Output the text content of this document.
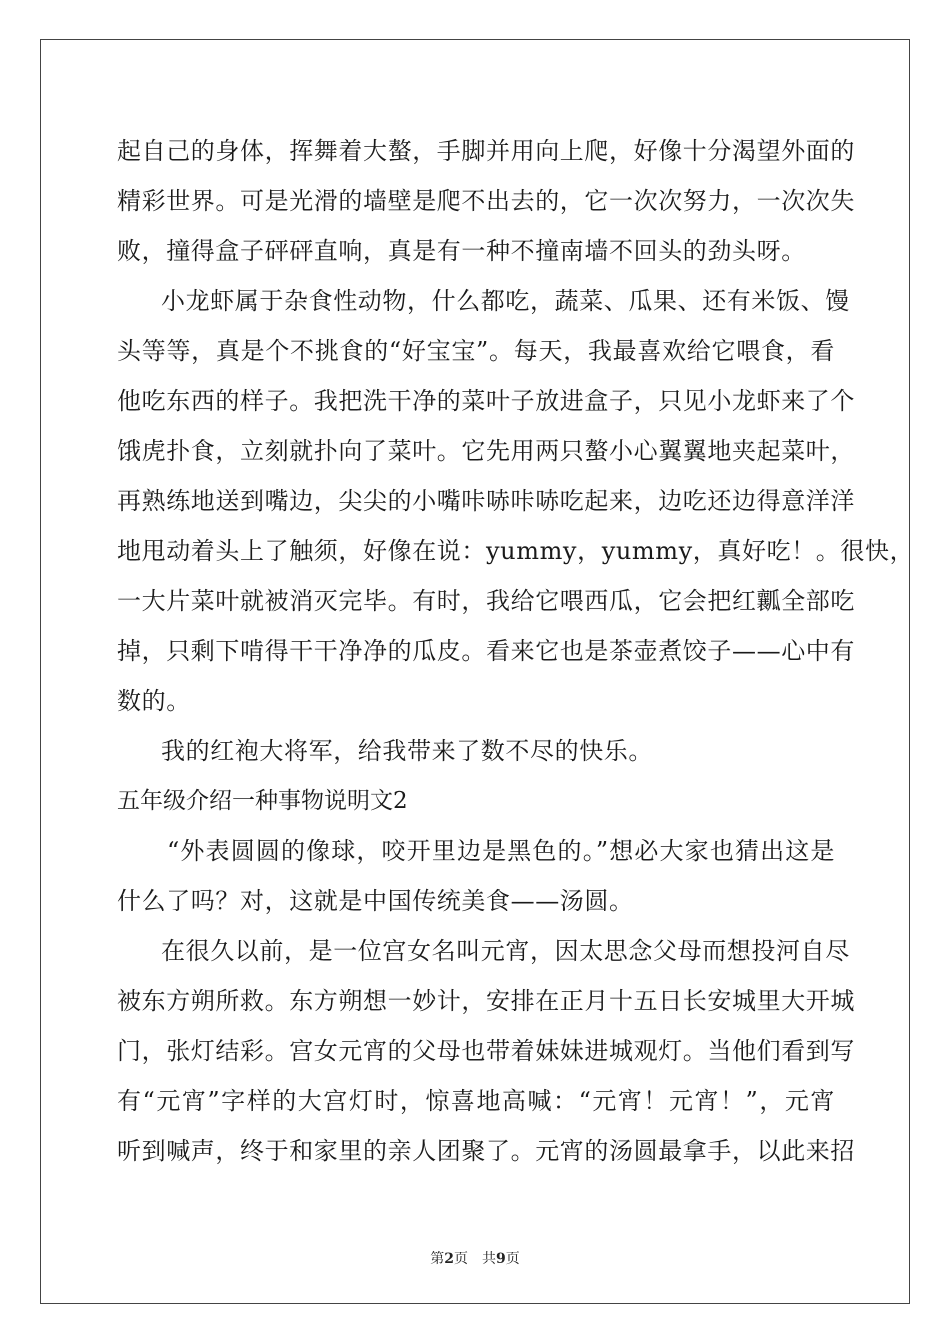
起自己的身体，挥舞着大螯，手脚并用向上爬，好像十分渴望外面的
精彩世界。可是光滑的墙壁是爬不出去的，它一次次努力，一次次失
败，撞得盒子砰砰直响，真是有一种不撞南墙不回头的劲头呀。
小龙虾属于杂食性动物，什么都吃，蔬菜、瓜果、还有米饭、馒
头等等，真是个不挑食的“好宝宝”。每天，我最喜欢给它喂食，看
他吃东西的样子。我把洗干净的菜叶子放进盒子，只见小龙虾来了个
饿虎扑食，立刻就扑向了菜叶。它先用两只螯小心翼翼地夹起菜叶，
再熟练地送到嘴边，尖尖的小嘴咔哧咔哧吃起来，边吃还边得意洋洋
地甩动着头上了触须，好像在说：yummy，yummy，真好吃！。很快，
一大片菜叶就被消灭完毕。有时，我给它喂西瓜，它会把红瓤全部吃
掉，只剩下啃得干干净净的瓜皮。看来它也是茶壶煮饺子——心中有
数的。
我的红袍大将军，给我带来了数不尽的快乐。
五年级介绍一种事物说明文2
“外表圆圆的像球，咬开里边是黑色的。”想必大家也猜出这是
什么了吗？对，这就是中国传统美食——汤圆。
在很久以前，是一位宫女名叫元宵，因太思念父母而想投河自尽
被东方朔所救。东方朔想一妙计，安排在正月十五日长安城里大开城
门，张灯结彩。宫女元宵的父母也带着妹妹进城观灯。当他们看到写
有“元宵”字样的大宫灯时，惊喜地高喊：“元宵！元宵！”，元宵
听到喊声，终于和家里的亲人团聚了。元宵的汤圆最拿手，以此来招
第2页 共9页
